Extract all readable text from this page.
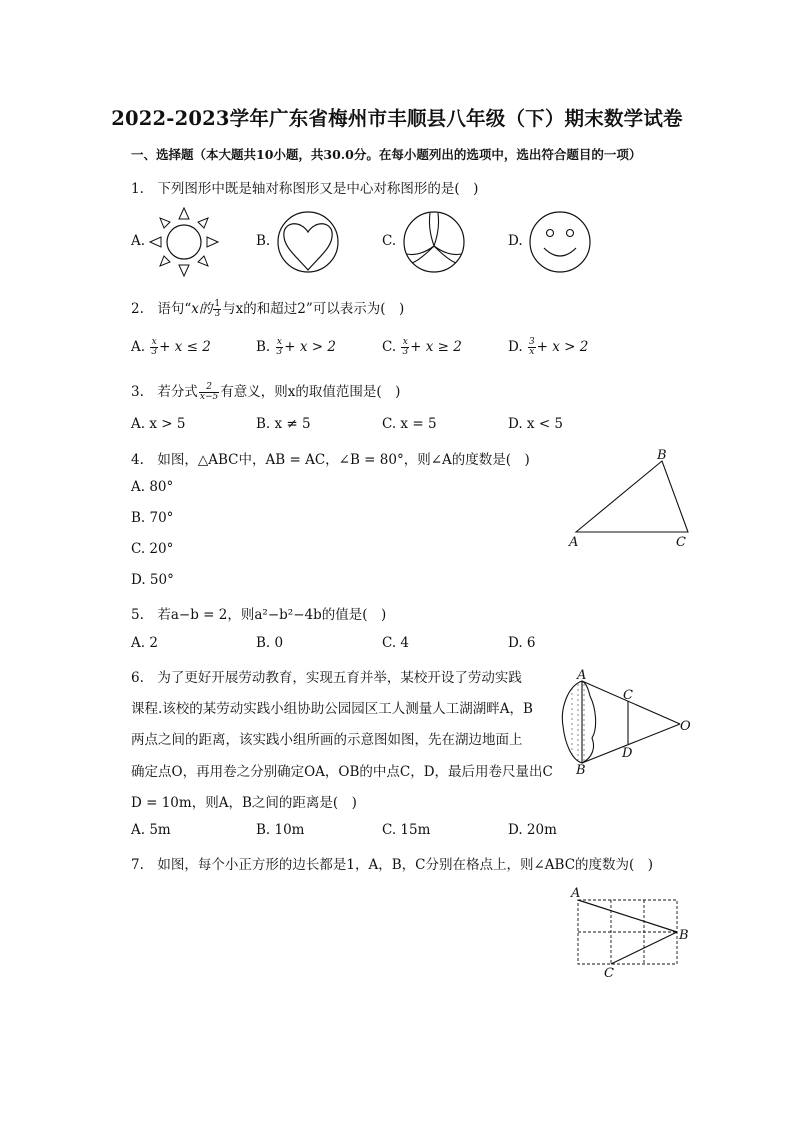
2022-2023学年广东省梅州市丰顺县八年级（下）期末数学试卷
一、选择题（本大题共10小题，共30.0分。在每小题列出的选项中，选出符合题目的一项）
1.　下列图形中既是轴对称图形又是中心对称图形的是(　)
A.	B.	C.	D.
2.　语句“x的 $\frac{1}{3}$ 与x的和超过2”可以表示为(　)
A. $\frac{x}{3} + x \le 2$	B. $\frac{x}{3} + x > 2$	C. $\frac{x}{3} + x \ge 2$	D. $\frac{3}{x} + x > 2$
3.　若分式 $\frac{2}{x-5}$ 有意义，则x的取值范围是(　)
A. x > 5	B. x ≠ 5	C. x = 5	D. x < 5
4.　如图，△ABC中，AB = AC，∠B = 80°，则∠A的度数是(　)
A. 80°
B. 70°
C. 20°
D. 50°
B
A	C
5.　若a−b = 2，则a²−b²−4b的值是(　)
A. 2	B. 0	C. 4	D. 6
6.　为了更好开展劳动教育，实现五育并举，某校开设了劳动实践
课程.该校的某劳动实践小组协助公园园区工人测量人工湖湖畔A，B
两点之间的距离，该实践小组所画的示意图如图，先在湖边地面上
确定点O，再用卷之分别确定OA，OB的中点C，D，最后用卷尺量出C
D = 10m，则A，B之间的距离是(　)
A. 5m	B. 10m	C. 15m	D. 20m
A
B
C
D
O
7.　如图，每个小正方形的边长都是1，A，B，C分别在格点上，则∠ABC的度数为(　)
A
B
C
